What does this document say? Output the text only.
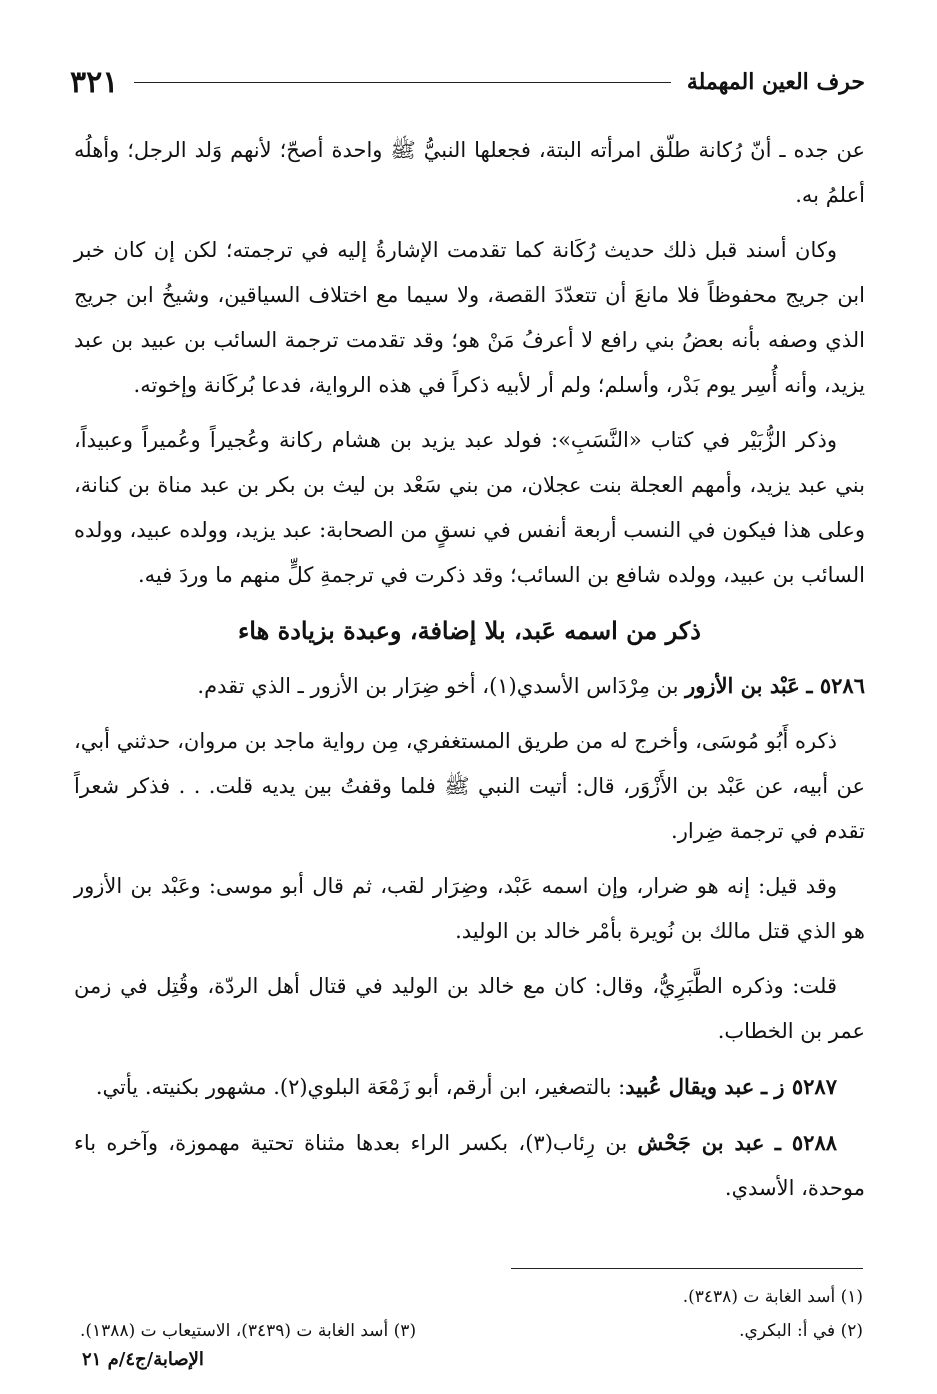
حرف العين المهملة
٣٢١

عن جده ـ أنّ رُكانة طلّق امرأته البتة، فجعلها النبيُّ ﷺ واحدة أصحّ؛ لأنهم وَلد الرجل؛ وأهلُه أعلمُ به.

وكان أسند قبل ذلك حديث رُكَانة كما تقدمت الإشارةُ إليه في ترجمته؛ لكن إن كان خبر ابن جريج محفوظاً فلا مانعَ أن تتعدّدَ القصة، ولا سيما مع اختلاف السياقين، وشيخُ ابن جريج الذي وصفه بأنه بعضُ بني رافع لا أعرفُ مَنْ هو؛ وقد تقدمت ترجمة السائب بن عبيد بن عبد يزيد، وأنه أُسِر يوم بَدْر، وأسلم؛ ولم أر لأبيه ذكراً في هذه الرواية، فدعا بُركَانة وإخوته.

وذكر الزُّبَيْر في كتاب «النَّسَبِ»: فولد عبد يزيد بن هشام ركانة وعُجيراً وعُميراً وعبيداً، بني عبد يزيد، وأمهم العجلة بنت عجلان، من بني سَعْد بن ليث بن بكر بن عبد مناة بن كنانة، وعلى هذا فيكون في النسب أربعة أنفس في نسقٍ من الصحابة: عبد يزيد، وولده عبيد، وولده السائب بن عبيد، وولده شافع بن السائب؛ وقد ذكرت في ترجمةِ كلٍّ منهم ما وردَ فيه.

ذكر من اسمه عَبد، بلا إضافة، وعبدة بزيادة هاء

٥٢٨٦ ـ عَبْد بن الأزور بن مِرْدَاس الأسدي(١)، أخو ضِرَار بن الأزور ـ الذي تقدم.

ذكره أَبُو مُوسَى، وأخرج له من طريق المستغفري، مِن رواية ماجد بن مروان، حدثني أبي، عن أبيه، عن عَبْد بن الأَزْوَر، قال: أتيت النبي ﷺ فلما وقفتُ بين يديه قلت. . . فذكر شعراً تقدم في ترجمة ضِرار.

وقد قيل: إنه هو ضرار، وإن اسمه عَبْد، وضِرَار لقب، ثم قال أبو موسى: وعَبْد بن الأزور هو الذي قتل مالك بن نُويرة بأمْر خالد بن الوليد.

قلت: وذكره الطَّبَرِيُّ، وقال: كان مع خالد بن الوليد في قتال أهل الردّة، وقُتِل في زمن عمر بن الخطاب.

٥٢٨٧ ز ـ عبد ويقال عُبيد: بالتصغير، ابن أرقم، أبو زَمْعَة البلوي(٢). مشهور بكنيته. يأتي.

٥٢٨٨ ـ عبد بن جَحْش بن رِئاب(٣)، بكسر الراء بعدها مثناة تحتية مهموزة، وآخره باء موحدة، الأسدي.

(١) أسد الغابة ت (٣٤٣٨).
(٢) في أ: البكري.
(٣) أسد الغابة ت (٣٤٣٩)، الاستيعاب ت (١٣٨٨).
الإصابة/ج٤/م ٢١
